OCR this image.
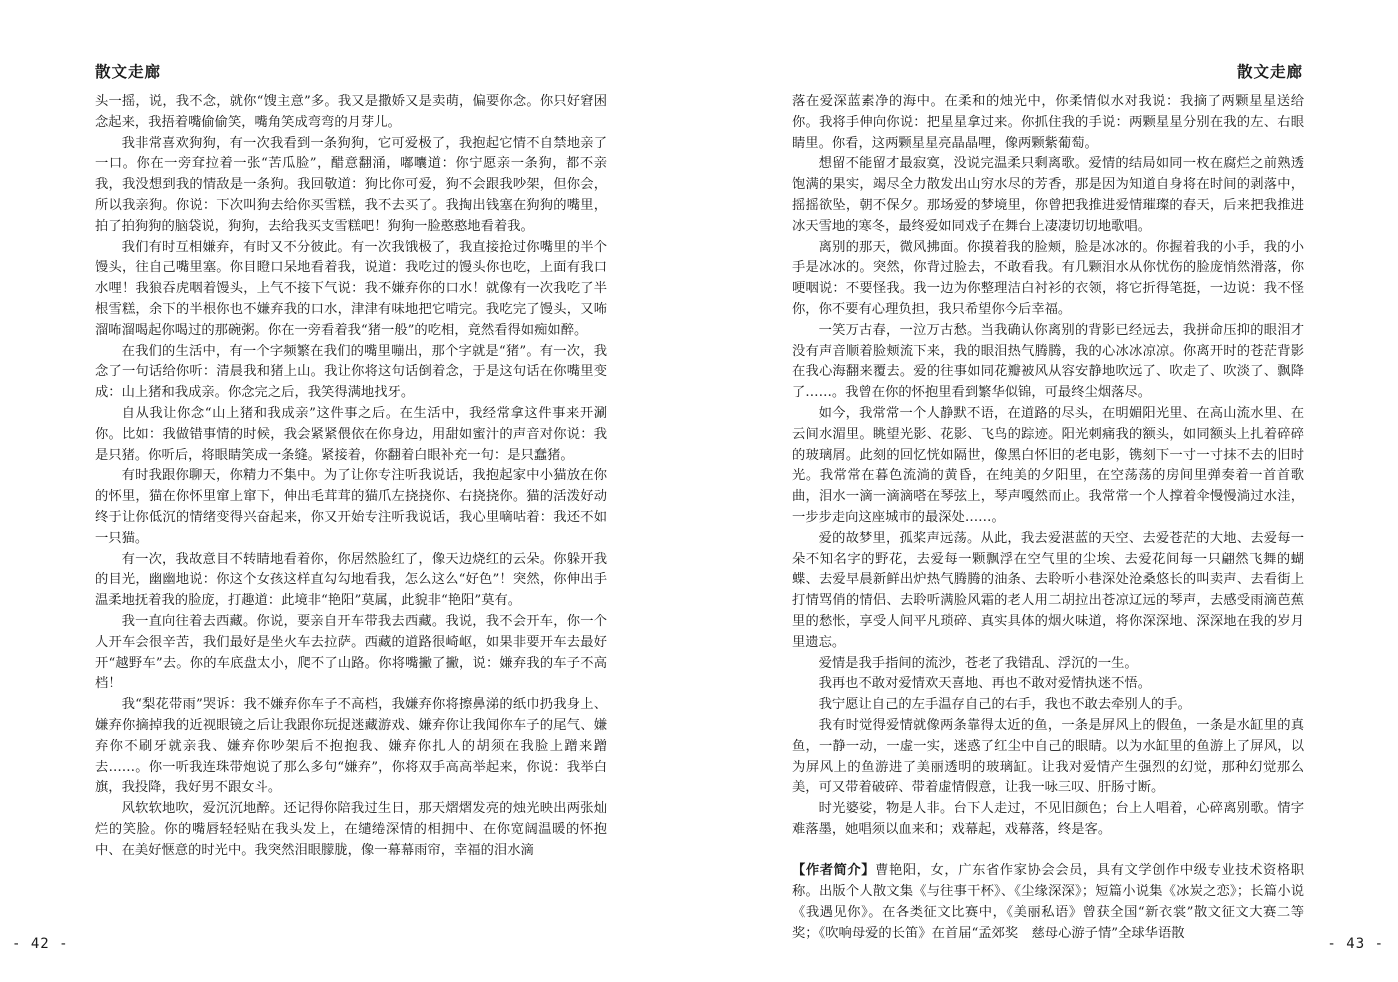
散文走廊

头一摇，说，我不念，就你“馊主意”多。我又是撒娇又是卖萌，偏要你念。你只好窘困念起来，我捂着嘴偷偷笑，嘴角笑成弯弯的月芽儿。

我非常喜欢狗狗，有一次我看到一条狗狗，它可爱极了，我抱起它情不自禁地亲了一口。你在一旁耷拉着一张“苦瓜脸”，醋意翻涌，嘟囔道：你宁愿亲一条狗，都不亲我，我没想到我的情敌是一条狗。我回敬道：狗比你可爱，狗不会跟我吵架，但你会，所以我亲狗。你说：下次叫狗去给你买雪糕，我不去买了。我掏出钱塞在狗狗的嘴里，拍了拍狗狗的脑袋说，狗狗，去给我买支雪糕吧！狗狗一脸憨憨地看着我。

我们有时互相嫌弃，有时又不分彼此。有一次我饿极了，我直接抢过你嘴里的半个馒头，往自己嘴里塞。你目瞪口呆地看着我，说道：我吃过的馒头你也吃，上面有我口水哩！我狼吞虎咽着馒头，上气不接下气说：我不嫌弃你的口水！就像有一次我吃了半根雪糕，余下的半根你也不嫌弃我的口水，津津有味地把它啃完。我吃完了馒头，又咘溜咘溜喝起你喝过的那碗粥。你在一旁看着我“猪一般”的吃相，竟然看得如痴如醉。

在我们的生活中，有一个字频繁在我们的嘴里嘣出，那个字就是“猪”。有一次，我念了一句话给你听：清晨我和猪上山。我让你将这句话倒着念，于是这句话在你嘴里变成：山上猪和我成亲。你念完之后，我笑得满地找牙。

自从我让你念“山上猪和我成亲”这件事之后。在生活中，我经常拿这件事来开涮你。比如：我做错事情的时候，我会紧紧偎依在你身边，用甜如蜜汁的声音对你说：我是只猪。你听后，将眼睛笑成一条缝。紧接着，你翻着白眼补充一句：是只蠢猪。

有时我跟你聊天，你精力不集中。为了让你专注听我说话，我抱起家中小猫放在你的怀里，猫在你怀里窜上窜下，伸出毛茸茸的猫爪左挠挠你、右挠挠你。猫的活泼好动终于让你低沉的情绪变得兴奋起来，你又开始专注听我说话，我心里嘀咕着：我还不如一只猫。

有一次，我故意目不转睛地看着你，你居然脸红了，像天边烧红的云朵。你躲开我的目光，幽幽地说：你这个女孩这样直勾勾地看我，怎么这么“好色”！突然，你伸出手温柔地抚着我的脸庞，打趣道：此境非“艳阳”莫属，此貌非“艳阳”莫有。

我一直向往着去西藏。你说，要亲自开车带我去西藏。我说，我不会开车，你一个人开车会很辛苦，我们最好是坐火车去拉萨。西藏的道路很崎岖，如果非要开车去最好开“越野车”去。你的车底盘太小，爬不了山路。你将嘴撇了撇，说：嫌弃我的车子不高档！

我“梨花带雨”哭诉：我不嫌弃你车子不高档，我嫌弃你将擦鼻涕的纸巾扔我身上、嫌弃你摘掉我的近视眼镜之后让我跟你玩捉迷藏游戏、嫌弃你让我闻你车子的尾气、嫌弃你不刷牙就亲我、嫌弃你吵架后不抱抱我、嫌弃你扎人的胡须在我脸上蹭来蹭去……。你一听我连珠带炮说了那么多句“嫌弃”，你将双手高高举起来，你说：我举白旗，我投降，我好男不跟女斗。

风软软地吹，爱沉沉地醉。还记得你陪我过生日，那天熠熠发亮的烛光映出两张灿烂的笑脸。你的嘴唇轻轻贴在我头发上，在缱绻深情的相拥中、在你宽阔温暖的怀抱中、在美好惬意的时光中。我突然泪眼朦胧，像一幕幕雨帘，幸福的泪水滴

- 42 -
散文走廊

落在爱深蓝素净的海中。在柔和的烛光中，你柔情似水对我说：我摘了两颗星星送给你。我将手伸向你说：把星星拿过来。你抓住我的手说：两颗星星分别在我的左、右眼睛里。你看，这两颗星星亮晶晶哩，像两颗紫葡萄。

想留不能留才最寂寞，没说完温柔只剩离歌。爱情的结局如同一枚在腐烂之前熟透饱满的果实，竭尽全力散发出山穷水尽的芳香，那是因为知道自身将在时间的剥落中，摇摇欲坠，朝不保夕。那场爱的梦境里，你曾把我推进爱情璀璨的春天，后来把我推进冰天雪地的寒冬，最终爱如同戏子在舞台上凄凄切切地歌唱。

离别的那天，微风拂面。你摸着我的脸颊，脸是冰冰的。你握着我的小手，我的小手是冰冰的。突然，你背过脸去，不敢看我。有几颗泪水从你忧伤的脸庞悄然滑落，你哽咽说：不要怪我。我一边为你整理洁白衬衫的衣领，将它折得笔挺，一边说：我不怪你，你不要有心理负担，我只希望你今后幸福。

一笑万古春，一泣万古愁。当我确认你离别的背影已经远去，我拼命压抑的眼泪才没有声音顺着脸颊流下来，我的眼泪热气腾腾，我的心冰冰凉凉。你离开时的苍茫背影在我心海翻来覆去。爱的往事如同花瓣被风从容安静地吹远了、吹走了、吹淡了、飘降了……。我曾在你的怀抱里看到繁华似锦，可最终尘烟落尽。

如今，我常常一个人静默不语，在道路的尽头，在明媚阳光里、在高山流水里、在云间水湄里。眺望光影、花影、飞鸟的踪迹。阳光刺痛我的额头，如同额头上扎着碎碎的玻璃屑。此刻的回忆恍如隔世，像黑白怀旧的老电影，镌刻下一寸一寸抹不去的旧时光。我常常在暮色流淌的黄昏，在纯美的夕阳里，在空荡荡的房间里弹奏着一首首歌曲，泪水一滴一滴滴嗒在琴弦上，琴声嘎然而止。我常常一个人撑着伞慢慢淌过水洼，一步步走向这座城市的最深处……。

爱的故梦里，孤桨声远荡。从此，我去爱湛蓝的天空、去爱苍茫的大地、去爱每一朵不知名字的野花，去爱每一颗飘浮在空气里的尘埃、去爱花间每一只翩然飞舞的蝴蝶、去爱早晨新鲜出炉热气腾腾的油条、去聆听小巷深处沧桑悠长的叫卖声、去看街上打情骂俏的情侣、去聆听满脸风霜的老人用二胡拉出苍凉辽远的琴声，去感受雨滴芭蕉里的愁怅，享受人间平凡琐碎、真实具体的烟火味道，将你深深地、深深地在我的岁月里遗忘。

爱情是我手指间的流沙，苍老了我错乱、浮沉的一生。

我再也不敢对爱情欢天喜地、再也不敢对爱情执迷不悟。

我宁愿让自己的左手温存自己的右手，我也不敢去牵别人的手。

我有时觉得爱情就像两条靠得太近的鱼，一条是屏风上的假鱼，一条是水缸里的真鱼，一静一动，一虚一实，迷惑了红尘中自己的眼睛。以为水缸里的鱼游上了屏风，以为屏风上的鱼游进了美丽透明的玻璃缸。让我对爱情产生强烈的幻觉，那种幻觉那么美，可又带着破碎、带着虚情假意，让我一咏三叹、肝肠寸断。

时光婆娑，物是人非。台下人走过，不见旧颜色；台上人唱着，心碎离别歌。情字难落墨，她唱须以血来和；戏幕起，戏幕落，终是客。

【作者简介】曹艳阳，女，广东省作家协会会员，具有文学创作中级专业技术资格职称。出版个人散文集《与往事干杯》、《尘缘深深》；短篇小说集《冰炭之恋》；长篇小说《我遇见你》。在各类征文比赛中，《美丽私语》曾获全国“新衣裳”散文征文大赛二等奖；《吹响母爱的长笛》在首届“孟郊奖　慈母心游子情”全球华语散

- 43 -
